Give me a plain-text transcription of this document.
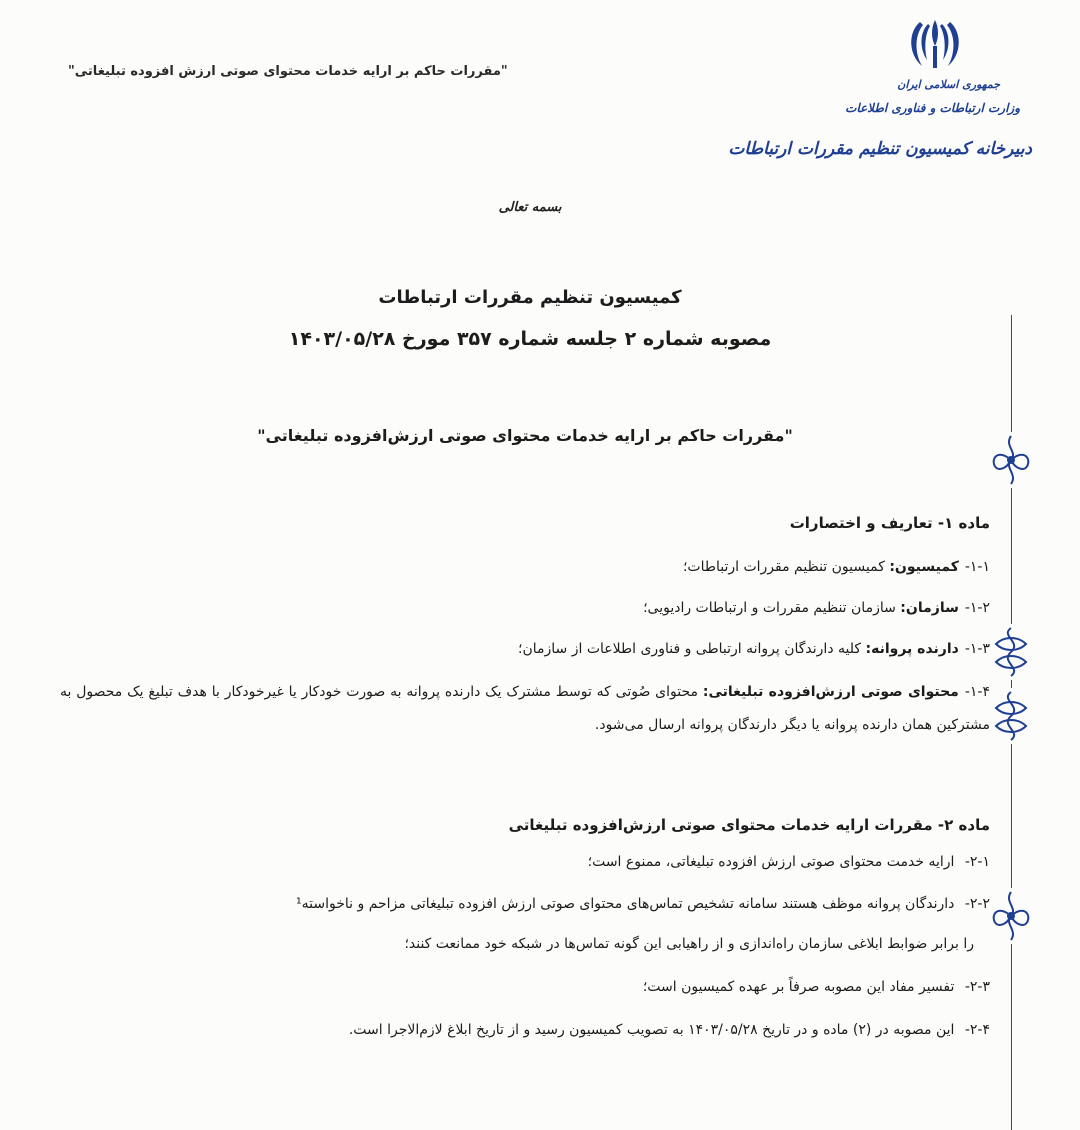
"مقررات حاکم بر ارایه خدمات محتوای صوتی ارزش افزوده تبلیغاتی"
جمهوری اسلامی ایران
وزارت ارتباطات و فناوری اطلاعات
دبیرخانه کمیسیون تنظیم مقررات ارتباطات
بسمه تعالی
کمیسیون تنظیم مقررات ارتباطات
مصوبه شماره ۲ جلسه شماره ۳۵۷ مورخ ۱۴۰۳/۰۵/۲۸
"مقررات حاکم بر ارایه خدمات محتوای صوتی ارزش‌افزوده تبلیغاتی"
ماده ۱- تعاریف و اختصارات
۱-۱-کمیسیون: کمیسیون تنظیم مقررات ارتباطات؛
۱-۲-سازمان: سازمان تنظیم مقررات و ارتباطات رادیویی؛
۱-۳-دارنده پروانه: کلیه دارندگان پروانه ارتباطی و فناوری اطلاعات از سازمان؛
۱-۴-محتوای صوتی ارزش‌افزوده تبلیغاتی: محتوای صُوتی که توسط مشترک یک دارنده پروانه به صورت خودکار یا غیرخودکار با هدف تبلیغ یک محصول به مشترکین همان دارنده پروانه یا دیگر دارندگان پروانه ارسال می‌شود.
ماده ۲- مقررات ارایه خدمات محتوای صوتی ارزش‌افزوده تبلیغاتی
۲-۱- ارایه خدمت محتوای صوتی ارزش افزوده تبلیغاتی، ممنوع است؛
۲-۲- دارندگان پروانه موظف هستند سامانه تشخیص تماس‌های محتوای صوتی ارزش افزوده تبلیغاتی مزاحم و ناخواسته¹
را برابر ضوابط ابلاغی سازمان راه‌اندازی و از راهیابی این گونه تماس‌ها در شبکه خود ممانعت کنند؛
۲-۳- تفسیر مفاد این مصوبه صرفاً بر عهده کمیسیون است؛
۲-۴- این مصوبه در (۲) ماده و در تاریخ ۱۴۰۳/۰۵/۲۸ به تصویب کمیسیون رسید و از تاریخ ابلاغ لازم‌الاجرا است.
